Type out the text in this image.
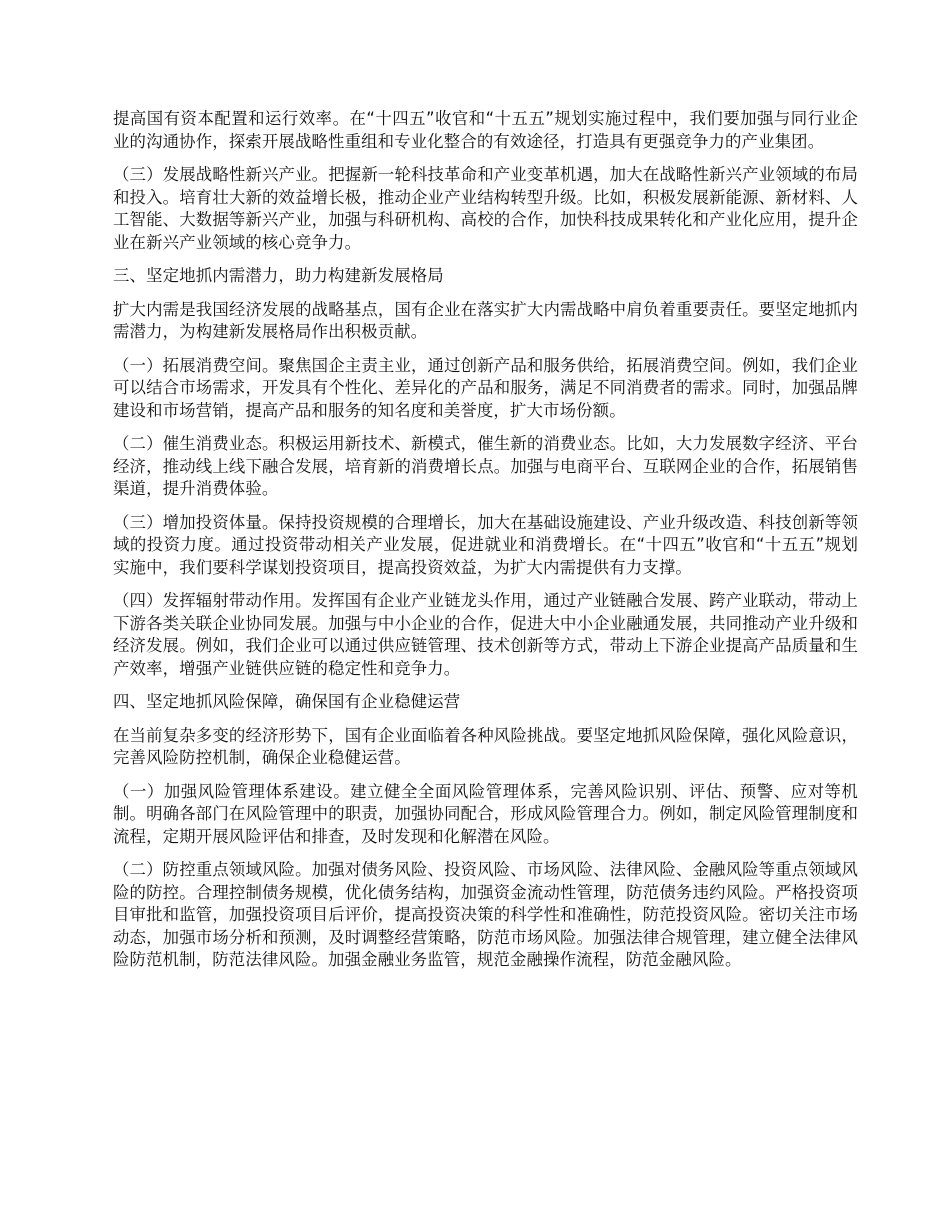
提高国有资本配置和运行效率。在“十四五”收官和“十五五”规划实施过程中，我们要加强与同行业企业的沟通协作，探索开展战略性重组和专业化整合的有效途径，打造具有更强竞争力的产业集团。

（三）发展战略性新兴产业。把握新一轮科技革命和产业变革机遇，加大在战略性新兴产业领域的布局和投入。培育壮大新的效益增长极，推动企业产业结构转型升级。比如，积极发展新能源、新材料、人工智能、大数据等新兴产业，加强与科研机构、高校的合作，加快科技成果转化和产业化应用，提升企业在新兴产业领域的核心竞争力。

三、坚定地抓内需潜力，助力构建新发展格局

扩大内需是我国经济发展的战略基点，国有企业在落实扩大内需战略中肩负着重要责任。要坚定地抓内需潜力，为构建新发展格局作出积极贡献。

（一）拓展消费空间。聚焦国企主责主业，通过创新产品和服务供给，拓展消费空间。例如，我们企业可以结合市场需求，开发具有个性化、差异化的产品和服务，满足不同消费者的需求。同时，加强品牌建设和市场营销，提高产品和服务的知名度和美誉度，扩大市场份额。

（二）催生消费业态。积极运用新技术、新模式，催生新的消费业态。比如，大力发展数字经济、平台经济，推动线上线下融合发展，培育新的消费增长点。加强与电商平台、互联网企业的合作，拓展销售渠道，提升消费体验。

（三）增加投资体量。保持投资规模的合理增长，加大在基础设施建设、产业升级改造、科技创新等领域的投资力度。通过投资带动相关产业发展，促进就业和消费增长。在“十四五”收官和“十五五”规划实施中，我们要科学谋划投资项目，提高投资效益，为扩大内需提供有力支撑。

（四）发挥辐射带动作用。发挥国有企业产业链龙头作用，通过产业链融合发展、跨产业联动，带动上下游各类关联企业协同发展。加强与中小企业的合作，促进大中小企业融通发展，共同推动产业升级和经济发展。例如，我们企业可以通过供应链管理、技术创新等方式，带动上下游企业提高产品质量和生产效率，增强产业链供应链的稳定性和竞争力。

四、坚定地抓风险保障，确保国有企业稳健运营

在当前复杂多变的经济形势下，国有企业面临着各种风险挑战。要坚定地抓风险保障，强化风险意识，完善风险防控机制，确保企业稳健运营。

（一）加强风险管理体系建设。建立健全全面风险管理体系，完善风险识别、评估、预警、应对等机制。明确各部门在风险管理中的职责，加强协同配合，形成风险管理合力。例如，制定风险管理制度和流程，定期开展风险评估和排查，及时发现和化解潜在风险。

（二）防控重点领域风险。加强对债务风险、投资风险、市场风险、法律风险、金融风险等重点领域风险的防控。合理控制债务规模，优化债务结构，加强资金流动性管理，防范债务违约风险。严格投资项目审批和监管，加强投资项目后评价，提高投资决策的科学性和准确性，防范投资风险。密切关注市场动态，加强市场分析和预测，及时调整经营策略，防范市场风险。加强法律合规管理，建立健全法律风险防范机制，防范法律风险。加强金融业务监管，规范金融操作流程，防范金融风险。
